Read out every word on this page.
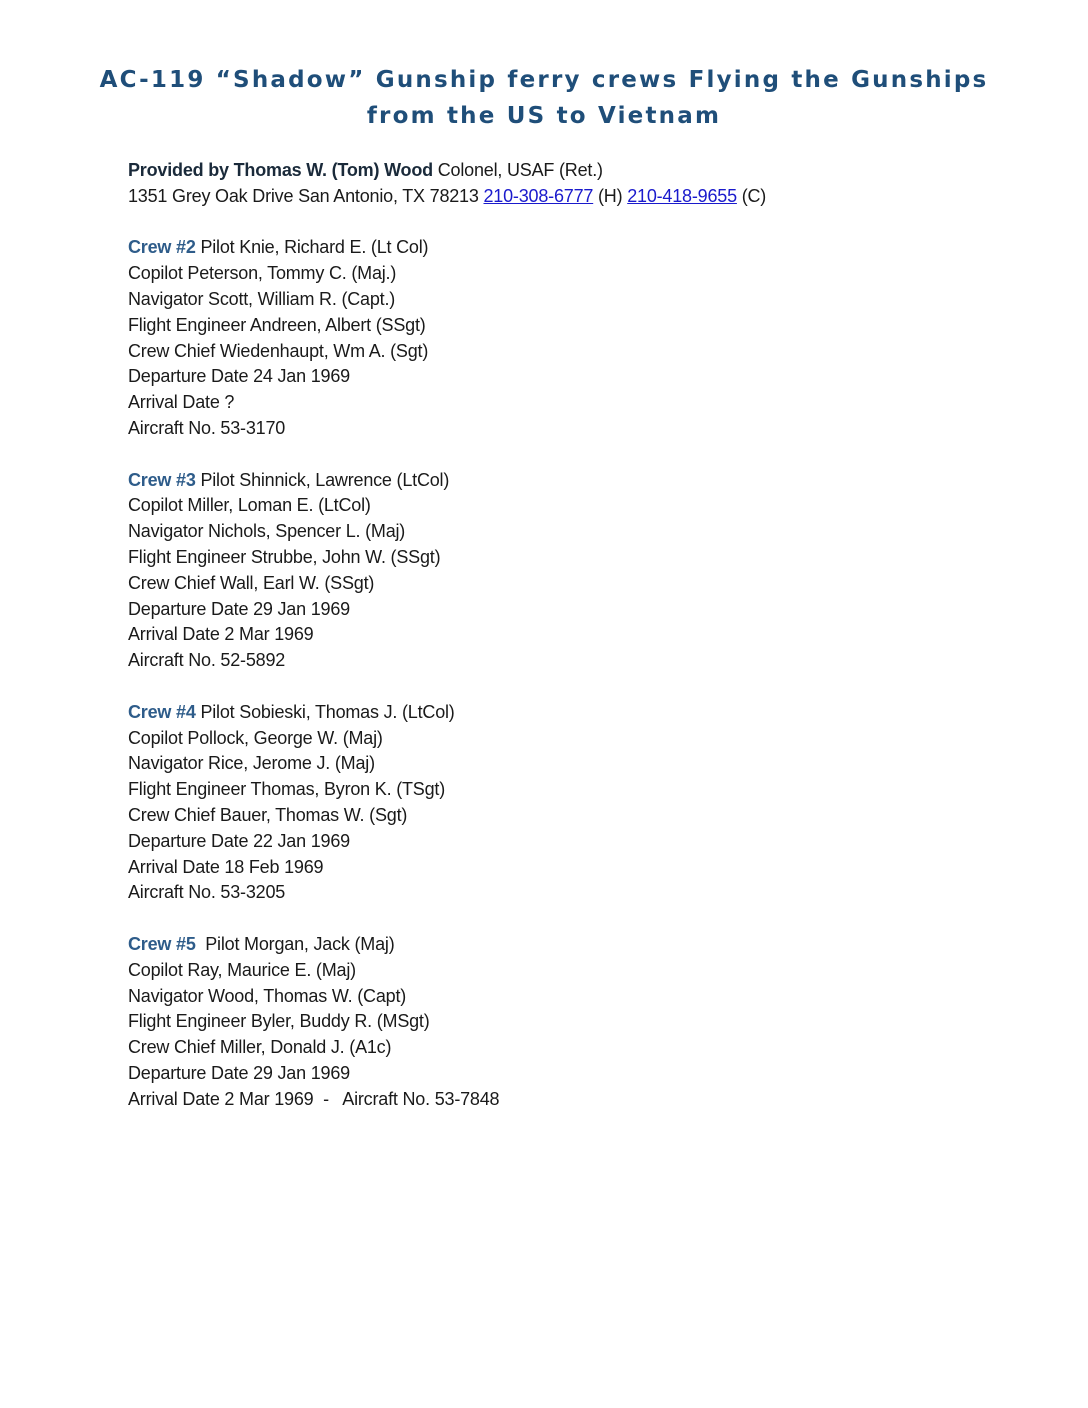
AC-119 “Shadow” Gunship ferry crews Flying the Gunships
from the US to Vietnam
Provided by Thomas W. (Tom) Wood Colonel, USAF (Ret.)
1351 Grey Oak Drive San Antonio, TX 78213 210-308-6777 (H) 210-418-9655 (C)
Crew #2 Pilot Knie, Richard E. (Lt Col)
Copilot Peterson, Tommy C. (Maj.)
Navigator Scott, William R. (Capt.)
Flight Engineer Andreen, Albert (SSgt)
Crew Chief Wiedenhaupt, Wm A. (Sgt)
Departure Date 24 Jan 1969
Arrival Date ?
Aircraft No. 53-3170
Crew #3 Pilot Shinnick, Lawrence (LtCol)
Copilot Miller, Loman E. (LtCol)
Navigator Nichols, Spencer L. (Maj)
Flight Engineer Strubbe, John W. (SSgt)
Crew Chief Wall, Earl W. (SSgt)
Departure Date 29 Jan 1969
Arrival Date 2 Mar 1969
Aircraft No. 52-5892
Crew #4 Pilot Sobieski, Thomas J. (LtCol)
Copilot Pollock, George W. (Maj)
Navigator Rice, Jerome J. (Maj)
Flight Engineer Thomas, Byron K. (TSgt)
Crew Chief Bauer, Thomas W. (Sgt)
Departure Date 22 Jan 1969
Arrival Date 18 Feb 1969
Aircraft No. 53-3205
Crew #5  Pilot Morgan, Jack (Maj)
Copilot Ray, Maurice E. (Maj)
Navigator Wood, Thomas W. (Capt)
Flight Engineer Byler, Buddy R. (MSgt)
Crew Chief Miller, Donald J. (A1c)
Departure Date 29 Jan 1969
Arrival Date 2 Mar 1969  -   Aircraft No. 53-7848
